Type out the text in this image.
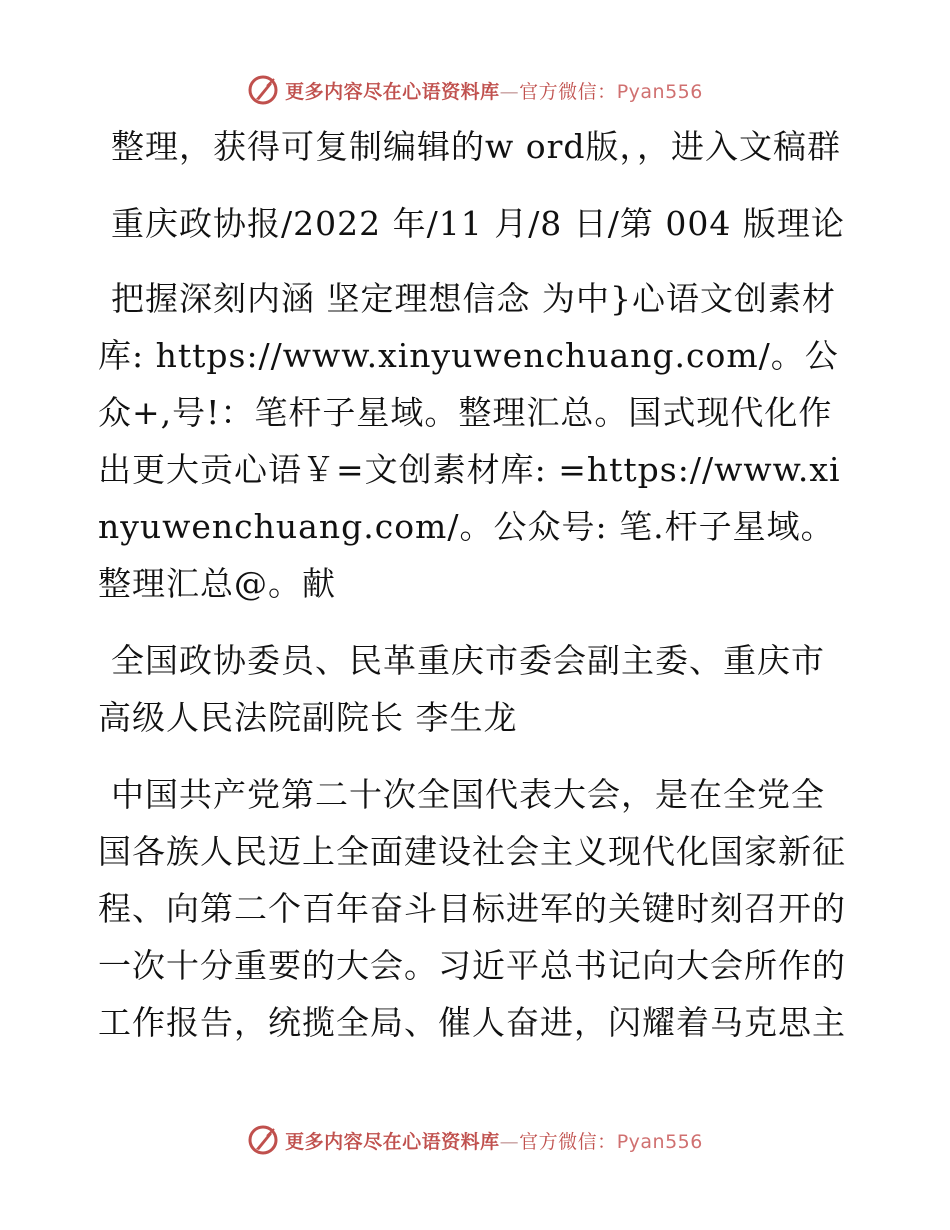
更多内容尽在心语资料库—官方微信：Pyan556

整理，获得可复制编辑的w ord版，，进入文稿群

重庆政协报/2022 年/11 月/8 日/第 004 版理论

把握深刻内涵 坚定理想信念 为中}心语文创素材库: https://www.xinyuwenchuang.com/。公众+,号!：笔杆子星域。整理汇总。国式现代化作出更大贡心语￥=文创素材库: =https://www.xinyuwenchuang.com/。公众号: 笔.杆子星域。整理汇总@。献

全国政协委员、民革重庆市委会副主委、重庆市高级人民法院副院长 李生龙

中国共产党第二十次全国代表大会，是在全党全国各族人民迈上全面建设社会主义现代化国家新征程、向第二个百年奋斗目标进军的关键时刻召开的一次十分重要的大会。习近平总书记向大会所作的工作报告，统揽全局、催人奋进，闪耀着马克思主

更多内容尽在心语资料库—官方微信：Pyan556
